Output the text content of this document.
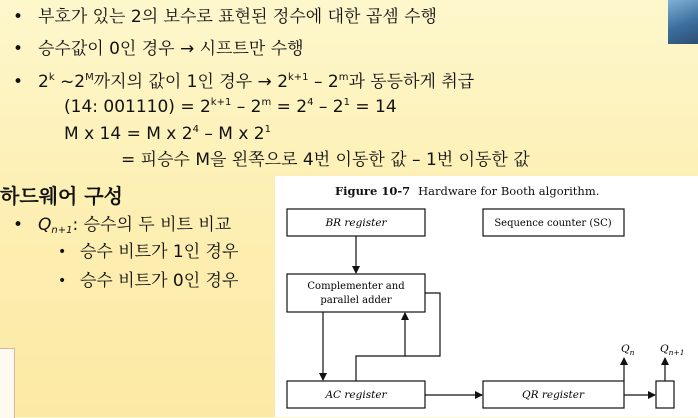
• 부호가 있는 2의 보수로 표현된 정수에 대한 곱셈 수행
• 승수값이 0인 경우 → 시프트만 수행
• 2$^k$ $\sim 2^M$까지의 값이 1인 경우 → $2^{k+1} - 2^m$과 동등하게 취급
(14: $001110) = 2^{k+1} - 2^m = 2^4 - 2^1 = 14$
M x 14 = M x $2^4$ – M x $2^1$
= 피승수 M을 왼쪽으로 4번 이동한 값 – 1번 이동한 값
하드웨어 구성
• $Q_{n+1}$: 승수의 두 비트 비교
• 승수 비트가 1인 경우
• 승수 비트가 0인 경우
Figure 10-7 Hardware for Booth algorithm.
BR register	Sequence counter (SC)
Complementer and
parallel adder
AC register	QR register
$Q_n$ $Q_{n+1}$
